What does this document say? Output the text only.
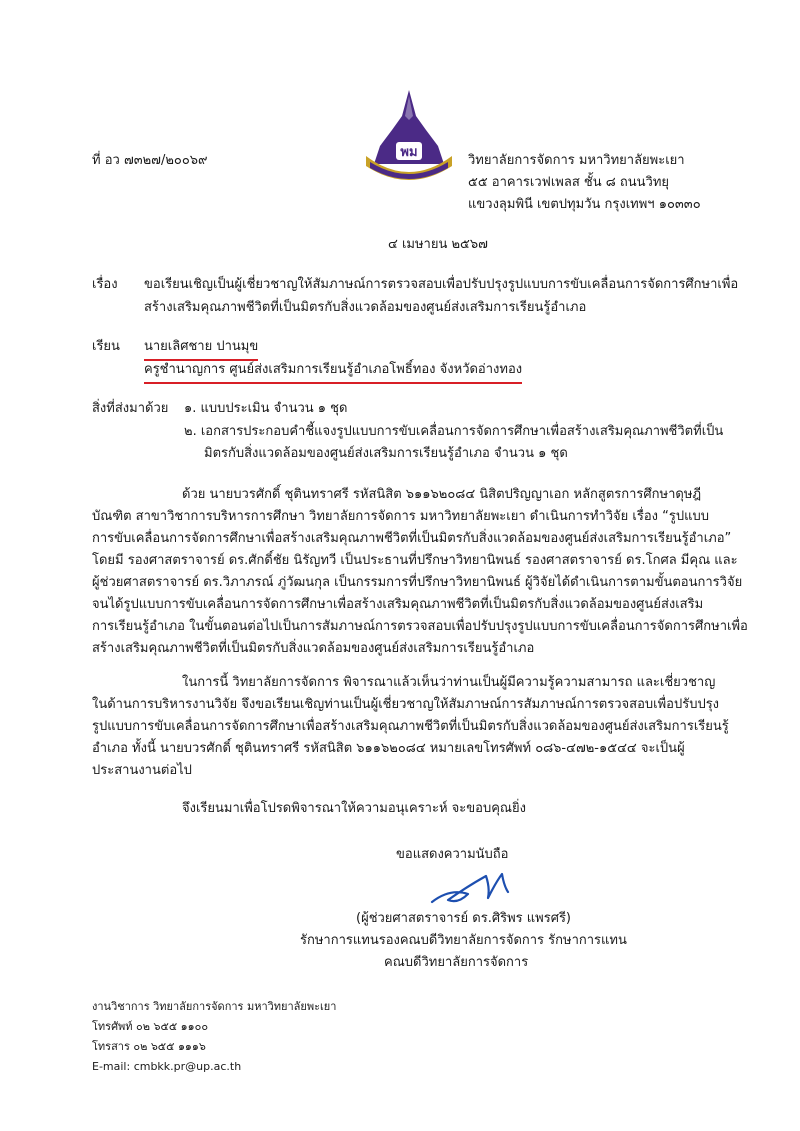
พม
ที่ อว ๗๓๒๗/๒๐๐๖๙	วิทยาลัยการจัดการ มหาวิทยาลัยพะเยา
๕๕ อาคารเวฟเพลส ชั้น ๘ ถนนวิทยุ
แขวงลุมพินี เขตปทุมวัน กรุงเทพฯ ๑๐๓๓๐
๔ เมษายน ๒๕๖๗
เรื่อง ขอเรียนเชิญเป็นผู้เชี่ยวชาญให้สัมภาษณ์การตรวจสอบเพื่อปรับปรุงรูปแบบการขับเคลื่อนการจัดการศึกษาเพื่อ
สร้างเสริมคุณภาพชีวิตที่เป็นมิตรกับสิ่งแวดล้อมของศูนย์ส่งเสริมการเรียนรู้อำเภอ
เรียน นายเลิศชาย ปานมุข
ครูชำนาญการ ศูนย์ส่งเสริมการเรียนรู้อำเภอโพธิ์ทอง จังหวัดอ่างทอง
สิ่งที่ส่งมาด้วย ๑. แบบประเมิน จำนวน ๑ ชุด
๒. เอกสารประกอบคำชี้แจงรูปแบบการขับเคลื่อนการจัดการศึกษาเพื่อสร้างเสริมคุณภาพชีวิตที่เป็น
มิตรกับสิ่งแวดล้อมของศูนย์ส่งเสริมการเรียนรู้อำเภอ จำนวน ๑ ชุด
ด้วย นายบวรศักดิ์ ชุตินทราศรี รหัสนิสิต ๖๑๑๖๒๐๘๔ นิสิตปริญญาเอก หลักสูตรการศึกษาดุษฎี
บัณฑิต สาขาวิชาการบริหารการศึกษา วิทยาลัยการจัดการ มหาวิทยาลัยพะเยา ดำเนินการทำวิจัย เรื่อง “รูปแบบ
การขับเคลื่อนการจัดการศึกษาเพื่อสร้างเสริมคุณภาพชีวิตที่เป็นมิตรกับสิ่งแวดล้อมของศูนย์ส่งเสริมการเรียนรู้อำเภอ”
โดยมี รองศาสตราจารย์ ดร.ศักดิ์ชัย นิรัญทวี เป็นประธานที่ปรึกษาวิทยานิพนธ์ รองศาสตราจารย์ ดร.โกศล มีคุณ และ
ผู้ช่วยศาสตราจารย์ ดร.วิภาภรณ์ ภู่วัฒนกุล เป็นกรรมการที่ปรึกษาวิทยานิพนธ์ ผู้วิจัยได้ดำเนินการตามขั้นตอนการวิจัย
จนได้รูปแบบการขับเคลื่อนการจัดการศึกษาเพื่อสร้างเสริมคุณภาพชีวิตที่เป็นมิตรกับสิ่งแวดล้อมของศูนย์ส่งเสริม
การเรียนรู้อำเภอ ในขั้นตอนต่อไปเป็นการสัมภาษณ์การตรวจสอบเพื่อปรับปรุงรูปแบบการขับเคลื่อนการจัดการศึกษาเพื่อ
สร้างเสริมคุณภาพชีวิตที่เป็นมิตรกับสิ่งแวดล้อมของศูนย์ส่งเสริมการเรียนรู้อำเภอ
ในการนี้ วิทยาลัยการจัดการ พิจารณาแล้วเห็นว่าท่านเป็นผู้มีความรู้ความสามารถ และเชี่ยวชาญ
ในด้านการบริหารงานวิจัย จึงขอเรียนเชิญท่านเป็นผู้เชี่ยวชาญให้สัมภาษณ์การสัมภาษณ์การตรวจสอบเพื่อปรับปรุง
รูปแบบการขับเคลื่อนการจัดการศึกษาเพื่อสร้างเสริมคุณภาพชีวิตที่เป็นมิตรกับสิ่งแวดล้อมของศูนย์ส่งเสริมการเรียนรู้
อำเภอ ทั้งนี้ นายบวรศักดิ์ ชุตินทราศรี รหัสนิสิต ๖๑๑๖๒๐๘๔ หมายเลขโทรศัพท์ ๐๘๖-๔๗๒-๑๕๔๔ จะเป็นผู้
ประสานงานต่อไป
จึงเรียนมาเพื่อโปรดพิจารณาให้ความอนุเคราะห์ จะขอบคุณยิ่ง
ขอแสดงความนับถือ
(ผู้ช่วยศาสตราจารย์ ดร.ศิริพร แพรศรี)
รักษาการแทนรองคณบดีวิทยาลัยการจัดการ รักษาการแทน
คณบดีวิทยาลัยการจัดการ
งานวิชาการ วิทยาลัยการจัดการ มหาวิทยาลัยพะเยา
โทรศัพท์ ๐๒ ๖๕๕ ๑๑๐๐
โทรสาร ๐๒ ๖๕๕ ๑๑๑๖
E-mail: cmbkk.pr@up.ac.th
